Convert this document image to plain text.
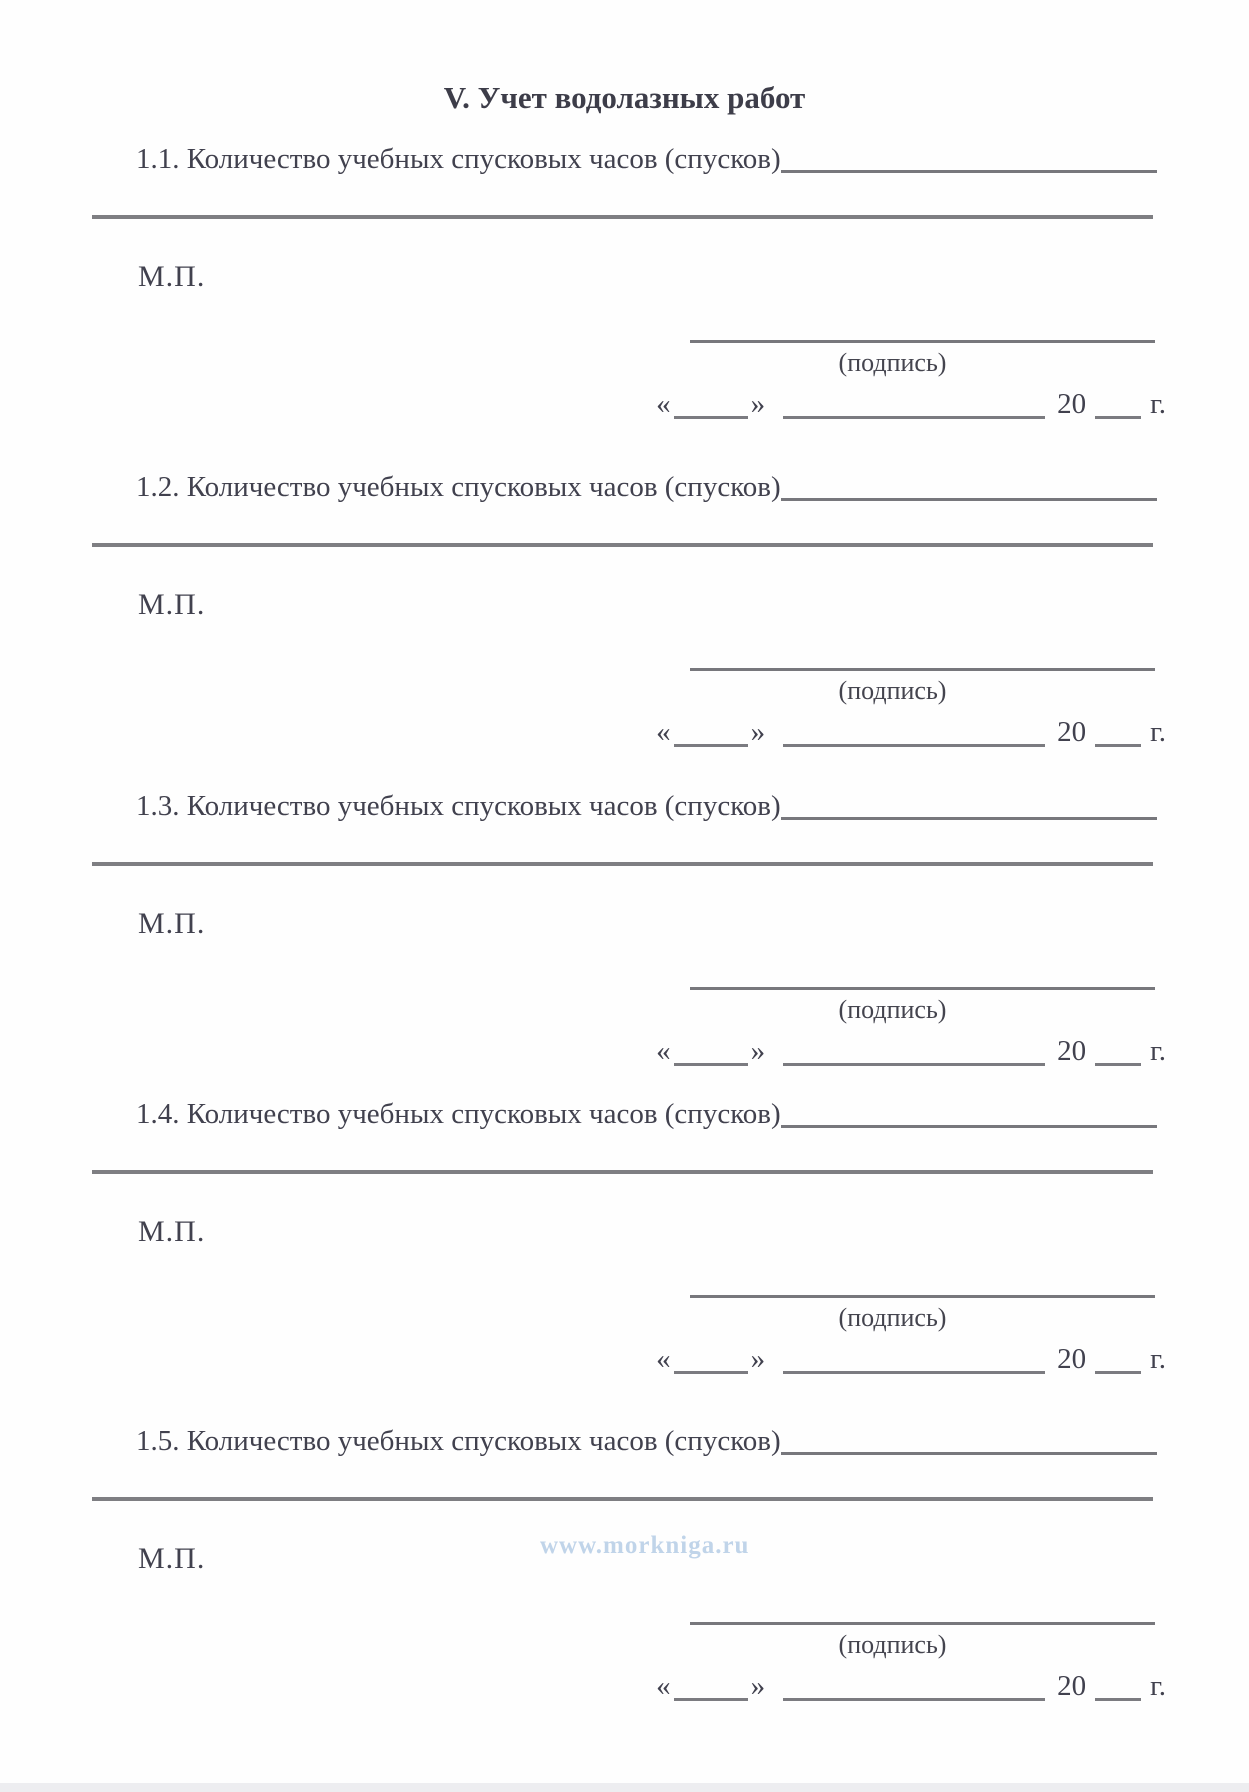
V. Учет водолазных работ
1.1. Количество учебных спусковых часов (спусков)
М.П.
(подпись)
«	»	20 г.
1.2. Количество учебных спусковых часов (спусков)
М.П.
(подпись)
«	»	20 г.
1.3. Количество учебных спусковых часов (спусков)
М.П.
(подпись)
«	»	20 г.
1.4. Количество учебных спусковых часов (спусков)
М.П.
(подпись)
«	»	20 г.
1.5. Количество учебных спусковых часов (спусков)
М.П.
(подпись)
«	»	20 г.
www.morkniga.ru
